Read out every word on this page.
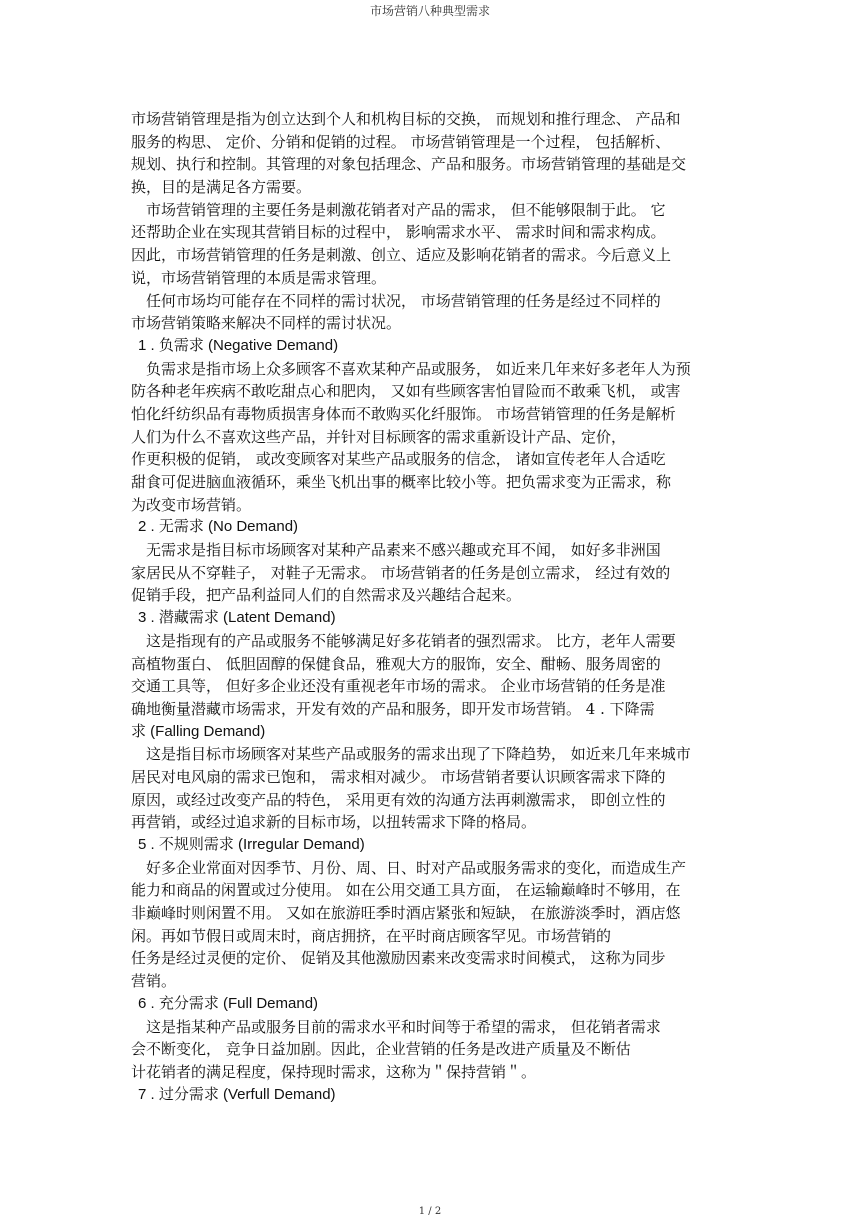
市场营销八种典型需求
市场营销管理是指为创立达到个人和机构目标的交换， 而规划和推行理念、 产品和
服务的构思、 定价、分销和促销的过程。 市场营销管理是一个过程， 包括解析、
规划、执行和控制。其管理的对象包括理念、产品和服务。市场营销管理的基础是交
换，目的是满足各方需要。
市场营销管理的主要任务是刺激花销者对产品的需求， 但不能够限制于此。 它
还帮助企业在实现其营销目标的过程中， 影响需求水平、 需求时间和需求构成。
因此，市场营销管理的任务是刺激、创立、适应及影响花销者的需求。今后意义上
说，市场营销管理的本质是需求管理。
任何市场均可能存在不同样的需讨状况， 市场营销管理的任务是经过不同样的
市场营销策略来解决不同样的需讨状况。
1 . 负需求 (Negative Demand)
负需求是指市场上众多顾客不喜欢某种产品或服务， 如近来几年来好多老年人为预
防各种老年疾病不敢吃甜点心和肥肉， 又如有些顾客害怕冒险而不敢乘飞机， 或害
怕化纤纺织品有毒物质损害身体而不敢购买化纤服饰。 市场营销管理的任务是解析
人们为什么不喜欢这些产品，并针对目标顾客的需求重新设计产品、定价，
作更积极的促销， 或改变顾客对某些产品或服务的信念， 诸如宣传老年人合适吃
甜食可促进脑血液循环，乘坐飞机出事的概率比较小等。把负需求变为正需求，称
为改变市场营销。
2 . 无需求 (No Demand)
无需求是指目标市场顾客对某种产品素来不感兴趣或充耳不闻， 如好多非洲国
家居民从不穿鞋子， 对鞋子无需求。 市场营销者的任务是创立需求， 经过有效的
促销手段，把产品利益同人们的自然需求及兴趣结合起来。
3 . 潜藏需求 (Latent Demand)
这是指现有的产品或服务不能够满足好多花销者的强烈需求。 比方，老年人需要
高植物蛋白、 低胆固醇的保健食品，雅观大方的服饰，安全、酣畅、服务周密的
交通工具等， 但好多企业还没有重视老年市场的需求。 企业市场营销的任务是准
确地衡量潜藏市场需求，开发有效的产品和服务，即开发市场营销。 4 . 下降需
求 (Falling Demand)
这是指目标市场顾客对某些产品或服务的需求出现了下降趋势， 如近来几年来城市
居民对电风扇的需求已饱和， 需求相对减少。 市场营销者要认识顾客需求下降的
原因，或经过改变产品的特色， 采用更有效的沟通方法再刺激需求， 即创立性的
再营销，或经过追求新的目标市场，以扭转需求下降的格局。
5 . 不规则需求 (Irregular Demand)
好多企业常面对因季节、月份、周、日、时对产品或服务需求的变化，而造成生产
能力和商品的闲置或过分使用。 如在公用交通工具方面， 在运输巅峰时不够用，在
非巅峰时则闲置不用。 又如在旅游旺季时酒店紧张和短缺， 在旅游淡季时，酒店悠
闲。再如节假日或周末时，商店拥挤，在平时商店顾客罕见。市场营销的
任务是经过灵便的定价、 促销及其他激励因素来改变需求时间模式， 这称为同步
营销。
6 . 充分需求 (Full Demand)
这是指某种产品或服务目前的需求水平和时间等于希望的需求， 但花销者需求
会不断变化， 竞争日益加剧。因此，企业营销的任务是改进产质量及不断估
计花销者的满足程度，保持现时需求，这称为＂保持营销＂。
7 . 过分需求 (Verfull Demand)
1 / 2
